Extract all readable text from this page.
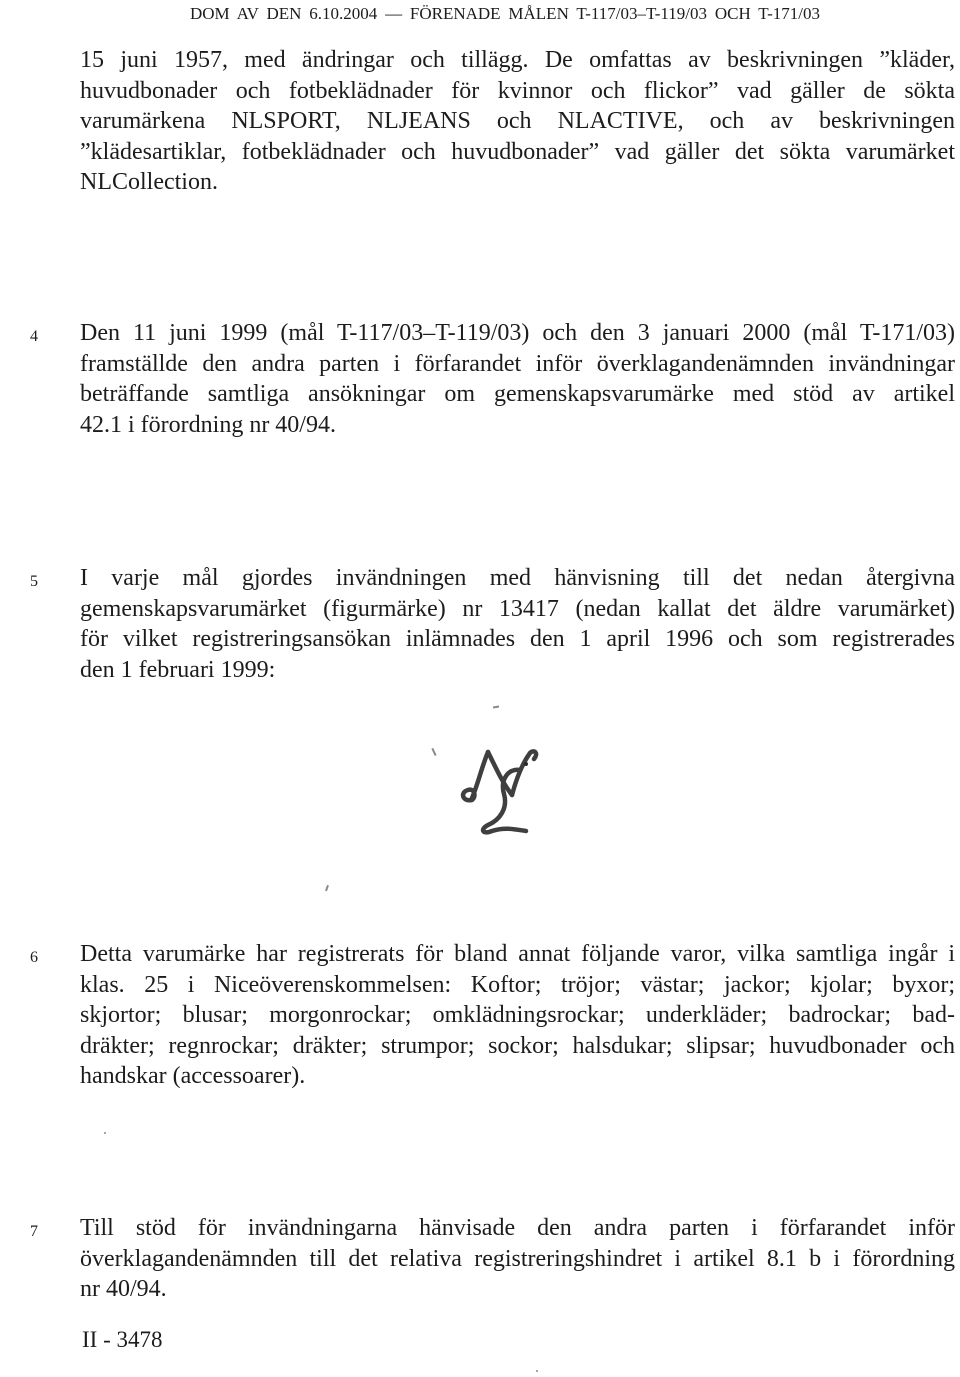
DOM AV DEN 6.10.2004 — FÖRENADE MÅLEN T-117/03–T-119/03 OCH T-171/03
15 juni 1957, med ändringar och tillägg. De omfattas av beskrivningen ”kläder,
huvudbonader och fotbeklädnader för kvinnor och flickor” vad gäller de sökta
varumärkena NLSPORT, NLJEANS och NLACTIVE, och av beskrivningen
”klädesartiklar, fotbeklädnader och huvudbonader” vad gäller det sökta varumärket
NLCollection.
4 Den 11 juni 1999 (mål T-117/03–T-119/03) och den 3 januari 2000 (mål T-171/03)
framställde den andra parten i förfarandet inför överklagandenämnden invändningar
beträffande samtliga ansökningar om gemenskapsvarumärke med stöd av artikel
42.1 i förordning nr 40/94.
5 I varje mål gjordes invändningen med hänvisning till det nedan återgivna
gemenskapsvarumärket (figurmärke) nr 13417 (nedan kallat det äldre varumärket)
för vilket registreringsansökan inlämnades den 1 april 1996 och som registrerades
den 1 februari 1999:
6 Detta varumärke har registrerats för bland annat följande varor, vilka samtliga ingår i
klas. 25 i Niceöverenskommelsen: Koftor; tröjor; västar; jackor; kjolar; byxor;
skjortor; blusar; morgonrockar; omklädningsrockar; underkläder; badrockar; bad-
dräkter; regnrockar; dräkter; strumpor; sockor; halsdukar; slipsar; huvudbonader och
handskar (accessoarer).
7 Till stöd för invändningarna hänvisade den andra parten i förfarandet inför
överklagandenämnden till det relativa registreringshindret i artikel 8.1 b i förordning
nr 40/94.
II - 3478
